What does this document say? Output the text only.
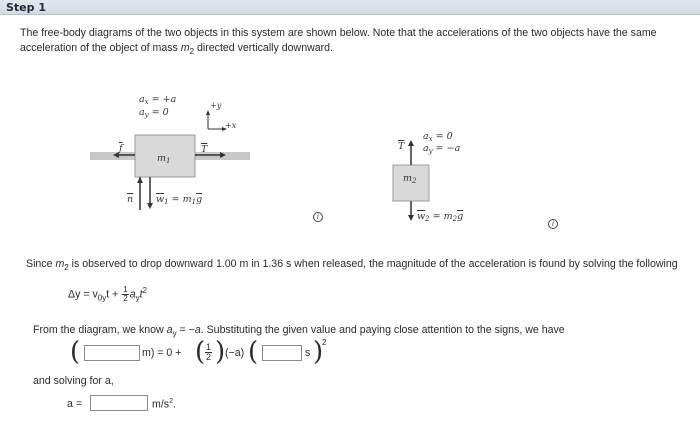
Step 1
The free-body diagrams of the two objects in this system are shown below. Note that the accelerations of the two objects have the same
acceleration of the object of mass $m_2$ directed vertically downward.
$a_x = +a$
$a_y = 0$
+y
+x
$m_1$
$\overline{f}$	$\overline{T}$
$\overline{n}$ $\overline{w}_1 = m_1\overline{g}$
$a_x = 0$
$a_y = -a$
$\overline{T}$
$m_2$
$\overline{w}_2 = m_2\overline{g}$
i
i
Since $m_2$ is observed to drop downward 1.00 m in 1.36 s when released, the magnitude of the acceleration is found by solving the following
$\Delta y = v_{0y}t + \frac{1}{2} a_yt^2$
From the diagram, we know $a_y = -a$. Substituting the given value and paying close attention to the signs, we have
(	m) = 0 + ( $\frac{1}{2}$ ) (−a) (	s )
2
and solving for a,
a =	$m/s^2$.
